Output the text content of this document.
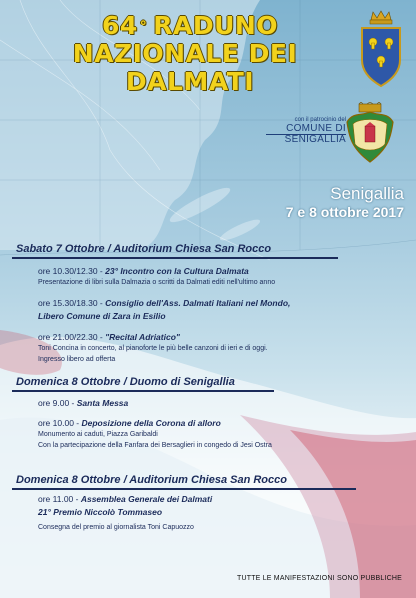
64 ° RADUNO
NAZIONALE DEI
DALMATI
con il patrocinio del
COMUNE DI
SENIGALLIA
Senigallia
7 e 8 ottobre 2017
Sabato 7 Ottobre / Auditorium Chiesa San Rocco
ore 10.30/12.30 - 23° Incontro con la Cultura Dalmata
Presentazione di libri sulla Dalmazia o scritti da Dalmati editi nell'ultimo anno
ore 15.30/18.30 - Consiglio dell'Ass. Dalmati Italiani nel Mondo,
Libero Comune di Zara in Esilio
ore 21.00/22.30 - "Recital Adriatico"
Toni Concina in concerto, al pianoforte le più belle canzoni di ieri e di oggi.
Ingresso libero ad offerta
Domenica 8 Ottobre / Duomo di Senigallia
ore 9.00 - Santa Messa
ore 10.00 - Deposizione della Corona di alloro
Monumento ai caduti, Piazza Garibaldi
Con la partecipazione della Fanfara dei Bersaglieri in congedo di Jesi Ostra
Domenica 8 Ottobre / Auditorium Chiesa San Rocco
ore 11.00 - Assemblea Generale dei Dalmati
21° Premio Niccolò Tommaseo
Consegna del premio al giornalista Toni Capuozzo
TUTTE LE MANIFESTAZIONI SONO PUBBLICHE
